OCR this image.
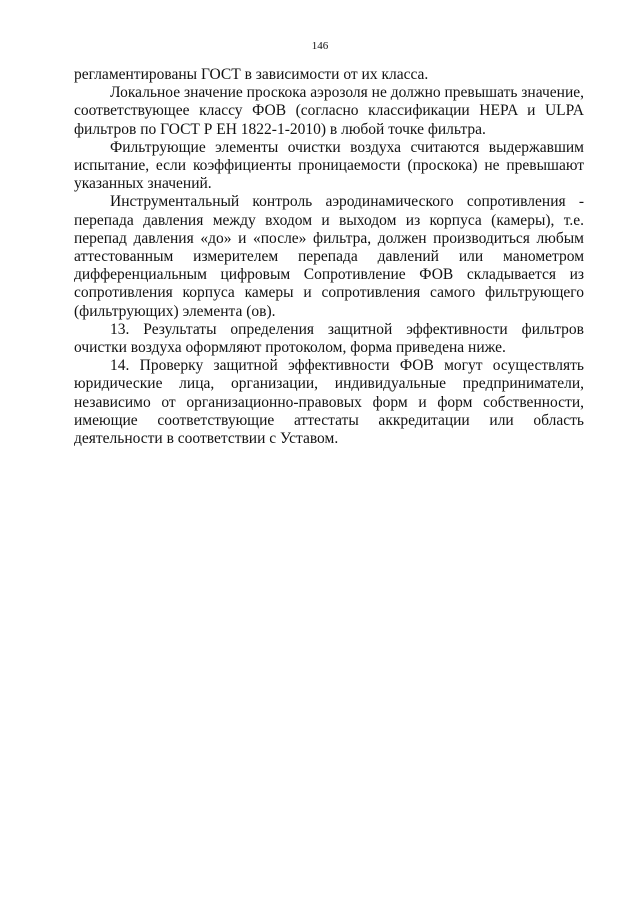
146

регламентированы ГОСТ в зависимости от их класса.

Локальное значение проскока аэрозоля не должно превышать значение, соответствующее классу ФОВ (согласно классификации HEPA и ULPA фильтров по ГОСТ Р ЕН 1822-1-2010) в любой точке фильтра.

Фильтрующие элементы очистки воздуха считаются выдержавшим испытание, если коэффициенты проницаемости (проскока) не превышают указанных значений.

Инструментальный контроль аэродинамического сопротивления - перепада давления между входом и выходом из корпуса (камеры), т.е. перепад давления «до» и «после» фильтра, должен производиться любым аттестованным измерителем перепада давлений или манометром дифференциальным цифровым Сопротивление ФОВ складывается из сопротивления корпуса камеры и сопротивления самого фильтрующего (фильтрующих) элемента (ов).

13. Результаты определения защитной эффективности фильтров очистки воздуха оформляют протоколом, форма приведена ниже.

14. Проверку защитной эффективности ФОВ могут осуществлять юридические лица, организации, индивидуальные предприниматели, независимо от организационно-правовых форм и форм собственности, имеющие соответствующие аттестаты аккредитации или область деятельности в соответствии с Уставом.
